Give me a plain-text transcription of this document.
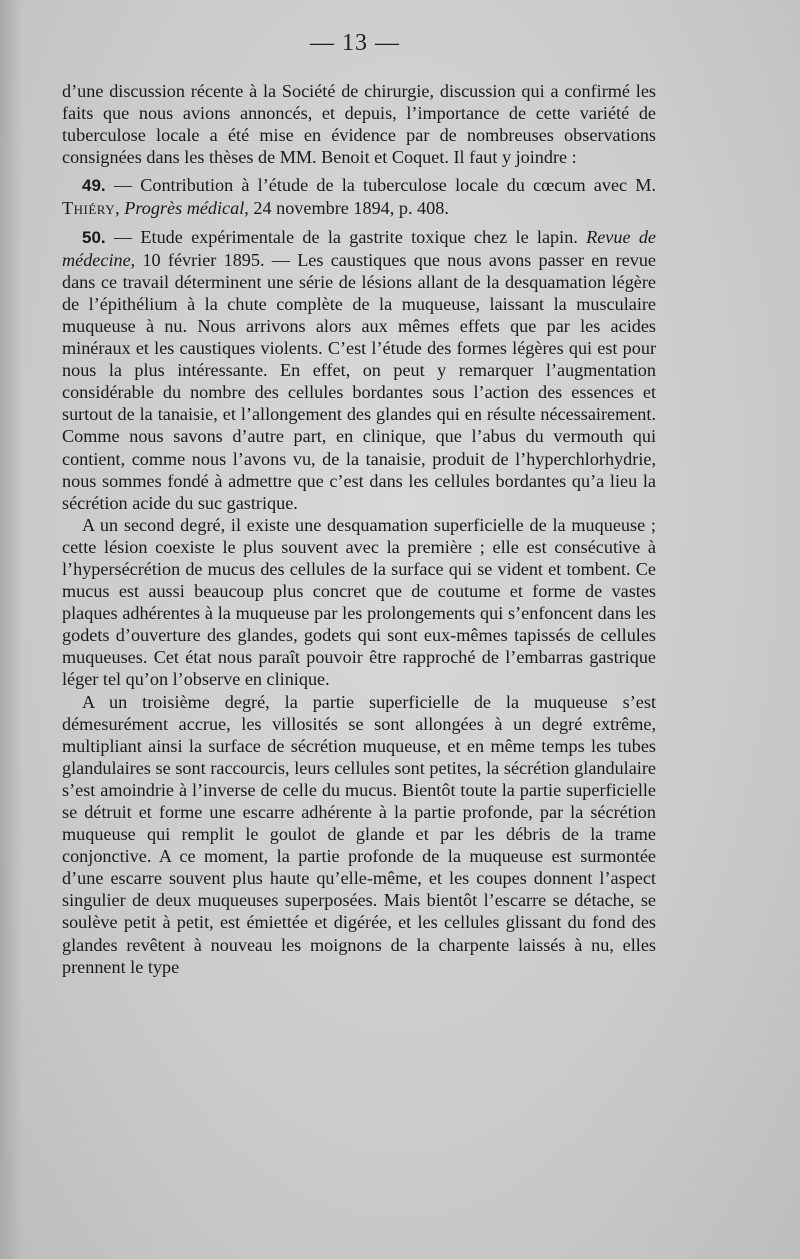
— 13 —

d’une discussion récente à la Société de chirurgie, discussion qui a confirmé les faits que nous avions annoncés, et depuis, l’importance de cette variété de tuberculose locale a été mise en évidence par de nombreuses observations consignées dans les thèses de MM. Benoit et Coquet. Il faut y joindre :

49. — Contribution à l’étude de la tuberculose locale du cœcum avec M. Thiéry, Progrès médical, 24 novembre 1894, p. 408.

50. — Etude expérimentale de la gastrite toxique chez le lapin. Revue de médecine, 10 février 1895. — Les caustiques que nous avons passer en revue dans ce travail déterminent une série de lésions allant de la desquamation légère de l’épithélium à la chute complète de la muqueuse, laissant la musculaire muqueuse à nu. Nous arrivons alors aux mêmes effets que par les acides minéraux et les caustiques violents. C’est l’étude des formes légères qui est pour nous la plus intéressante. En effet, on peut y remarquer l’augmentation considérable du nombre des cellules bordantes sous l’action des essences et surtout de la tanaisie, et l’allongement des glandes qui en résulte nécessairement. Comme nous savons d’autre part, en clinique, que l’abus du vermouth qui contient, comme nous l’avons vu, de la tanaisie, produit de l’hyperchlorhydrie, nous sommes fondé à admettre que c’est dans les cellules bordantes qu’a lieu la sécrétion acide du suc gastrique.

A un second degré, il existe une desquamation superficielle de la muqueuse ; cette lésion coexiste le plus souvent avec la première ; elle est consécutive à l’hypersécrétion de mucus des cellules de la surface qui se vident et tombent. Ce mucus est aussi beaucoup plus concret que de coutume et forme de vastes plaques adhérentes à la muqueuse par les prolongements qui s’enfoncent dans les godets d’ouverture des glandes, godets qui sont eux-mêmes tapissés de cellules muqueuses. Cet état nous paraît pouvoir être rapproché de l’embarras gastrique léger tel qu’on l’observe en clinique.

A un troisième degré, la partie superficielle de la muqueuse s’est démesurément accrue, les villosités se sont allongées à un degré extrême, multipliant ainsi la surface de sécrétion muqueuse, et en même temps les tubes glandulaires se sont raccourcis, leurs cellules sont petites, la sécrétion glandulaire s’est amoindrie à l’inverse de celle du mucus. Bientôt toute la partie superficielle se détruit et forme une escarre adhérente à la partie profonde, par la sécrétion muqueuse qui remplit le goulot de glande et par les débris de la trame conjonctive. A ce moment, la partie profonde de la muqueuse est surmontée d’une escarre souvent plus haute qu’elle-même, et les coupes donnent l’aspect singulier de deux muqueuses superposées. Mais bientôt l’escarre se détache, se soulève petit à petit, est émiettée et digérée, et les cellules glissant du fond des glandes revêtent à nouveau les moignons de la charpente laissés à nu, elles prennent le type
